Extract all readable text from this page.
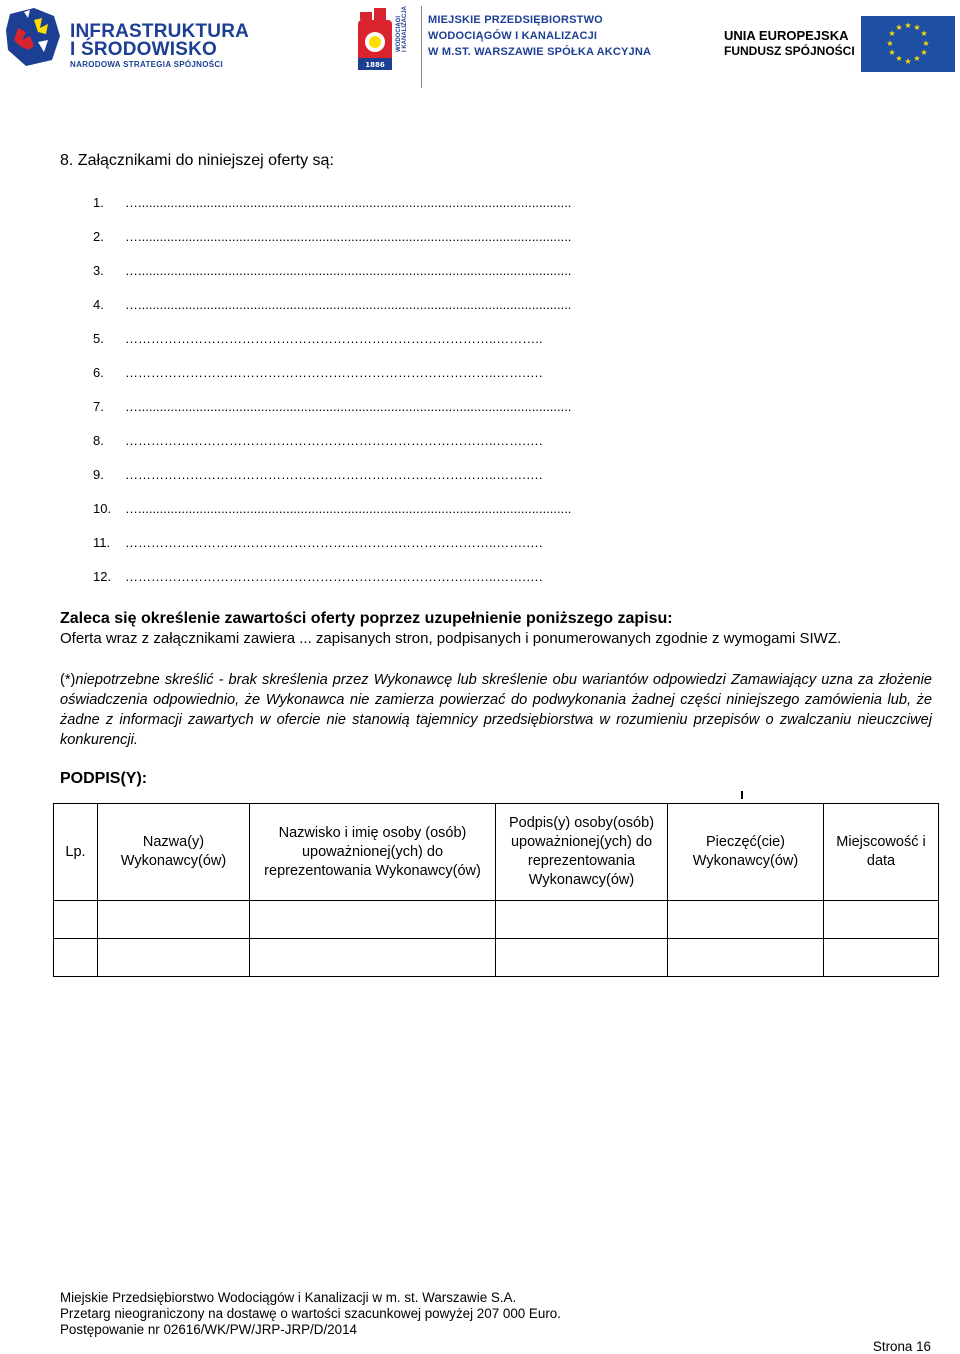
INFRASTRUKTURA
I ŚRODOWISKO
NARODOWA STRATEGIA SPÓJNOŚCI	1886
WODOCIĄGI I KANALIZACJA MIEJSKIE PRZEDSIĘBIORSTWO
WODOCIĄGÓW I KANALIZACJI
W M.ST. WARSZAWIE SPÓŁKA AKCYJNA
UNIA EUROPEJSKA
FUNDUSZ SPÓJNOŚCI
★ ★
★
★
★
★
★
★
★
★
★
★
8. Załącznikami do niniejszej oferty są:
1. …........................................................................................................................
2. …........................................................................................................................
3. …........................................................................................................................
4. …........................................................................................................................
5. …………………………………………………………………………..………..
6. …………………………………………………………………………..…….….
7. …........................................................................................................................
8. …………………………………………………………………………..…….….
9. …………………………………………………………………………..…….….
10. …........................................................................................................................
11. …………………………………………………………………………..…….….
12. …………………………………………………………………………..…….….
Zaleca się określenie zawartości oferty poprzez uzupełnienie poniższego zapisu:
Oferta wraz z załącznikami zawiera ... zapisanych stron, podpisanych i ponumerowanych zgodnie z wymogami SIWZ.
(*)niepotrzebne skreślić - brak skreślenia przez Wykonawcę lub skreślenie obu wariantów odpowiedzi Zamawiający uzna za złożenie oświadczenia odpowiednio, że Wykonawca nie zamierza powierzać do podwykonania żadnej części niniejszego zamówienia lub, że żadne z informacji zawartych w ofercie nie stanowią tajemnicy przedsiębiorstwa w rozumieniu przepisów o zwalczaniu nieuczciwej konkurencji.
PODPIS(Y):
Lp.	Nazwa(y) Wykonawcy(ów)	Nazwisko i imię osoby (osób) upoważnionej(ych) do reprezentowania Wykonawcy(ów)	Podpis(y) osoby(osób) upoważnionej(ych) do reprezentowania Wykonawcy(ów)	Pieczęć(cie) Wykonawcy(ów)	Miejscowość i data

Miejskie Przedsiębiorstwo Wodociągów i Kanalizacji w m. st. Warszawie S.A.
Przetarg nieograniczony na dostawę o wartości szacunkowej powyżej 207 000 Euro.
Postępowanie nr 02616/WK/PW/JRP-JRP/D/2014
Strona 16
